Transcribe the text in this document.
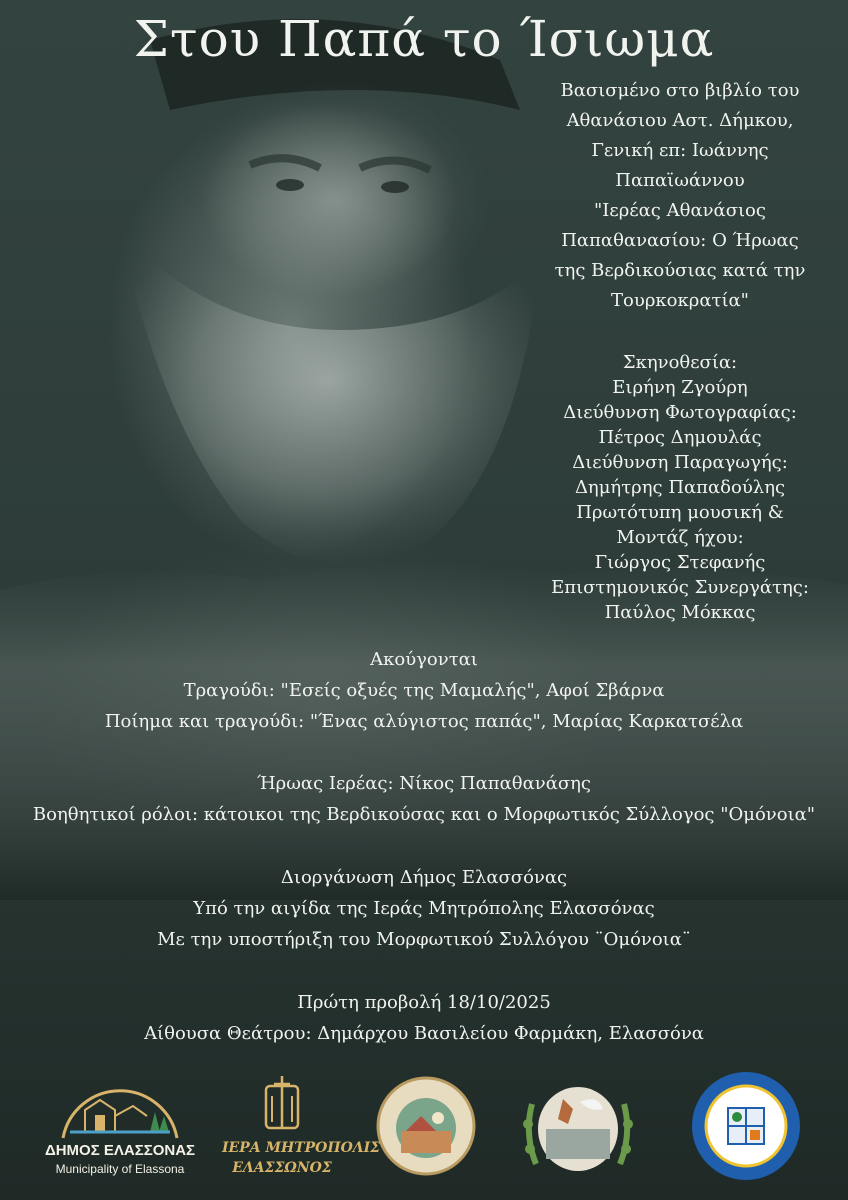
Στου Παπά το Ίσιωμα
Βασισμένο στο βιβλίο του
Αθανάσιου Αστ. Δήμκου,
Γενική επ: Ιωάννης
Παπαϊωάννου
"Ιερέας Αθανάσιος
Παπαθανασίου: Ο Ήρωας
της Βερδικούσιας κατά την
Τουρκοκρατία"
Σκηνοθεσία:
Ειρήνη Ζγούρη
Διεύθυνση Φωτογραφίας:
Πέτρος Δημουλάς
Διεύθυνση Παραγωγής:
Δημήτρης Παπαδούλης
Πρωτότυπη μουσική &
Μοντάζ ήχου:
Γιώργος Στεφανής
Επιστημονικός Συνεργάτης:
Παύλος Μόκκας
Ακούγονται
Τραγούδι: "Εσείς οξυές της Μαμαλής", Αφοί Σβάρνα
Ποίημα και τραγούδι: "Ένας αλύγιστος παπάς", Μαρίας Καρκατσέλα
Ήρωας Ιερέας: Νίκος Παπαθανάσης
Βοηθητικοί ρόλοι: κάτοικοι της Βερδικούσας και ο Μορφωτικός Σύλλογος "Ομόνοια"
Διοργάνωση Δήμος Ελασσόνας
Υπό την αιγίδα της Ιεράς Μητρόπολης Ελασσόνας
Με την υποστήριξη του Μορφωτικού Συλλόγου ¨Ομόνοια¨
Πρώτη προβολή 18/10/2025
Αίθουσα Θεάτρου: Δημάρχου Βασιλείου Φαρμάκη, Ελασσόνα
ΔΗΜΟΣ ΕΛΑΣΣΟΝΑΣ
Municipality of Elassona
ΙΕΡΑ ΜΗΤΡΟΠΟΛΙΣ
ΕΛΑΣΣΩΝΟΣ
